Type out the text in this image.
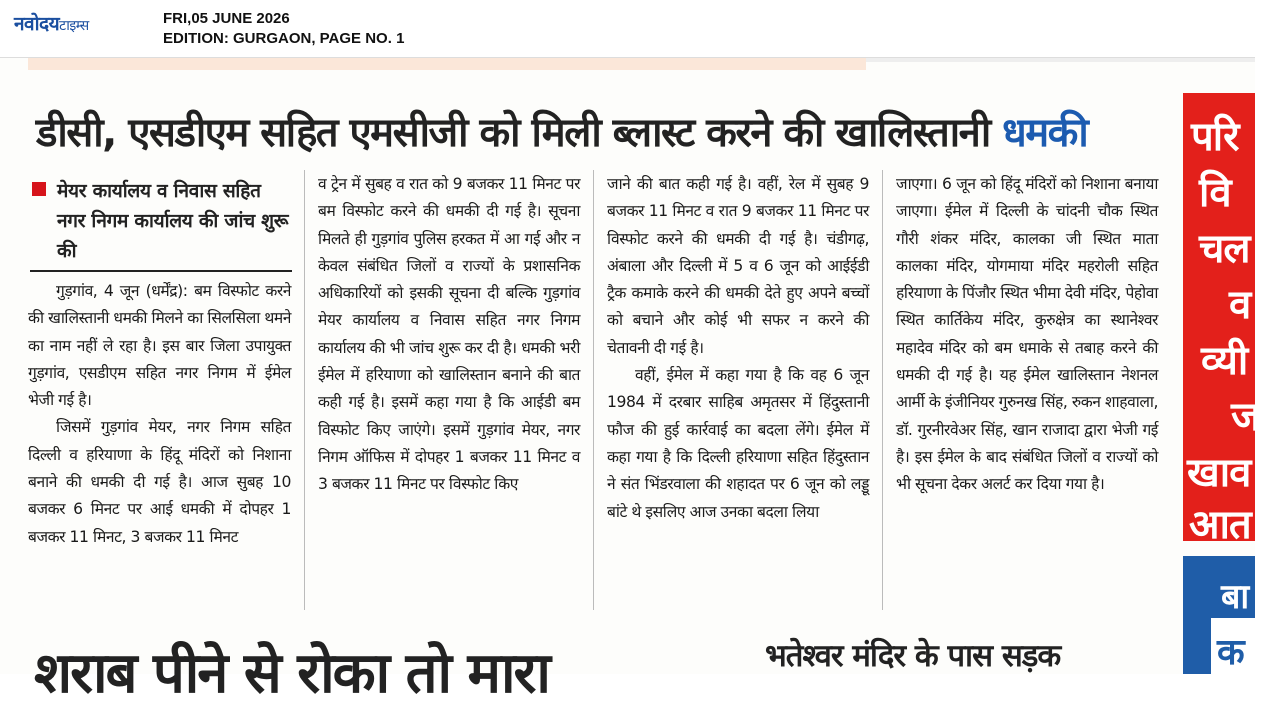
नवोदयटाइम्स	FRI,05 JUNE 2026
EDITION: GURGAON, PAGE NO. 1
डीसी, एसडीएम सहित एमसीजी को मिली ब्लास्ट करने की खालिस्तानी धमकी
मेयर कार्यालय व निवास सहित नगर निगम कार्यालय की जांच शुरू की

गुड़गांव, 4 जून (धर्मेंद्र): बम विस्फोट करने की खालिस्तानी धमकी मिलने का सिलसिला थमने का नाम नहीं ले रहा है। इस बार जिला उपायुक्त गुड़गांव, एसडीएम सहित नगर निगम में ईमेल भेजी गई है।

जिसमें गुड़गांव मेयर, नगर निगम सहित दिल्ली व हरियाणा के हिंदू मंदिरों को निशाना बनाने की धमकी दी गई है। आज सुबह 10 बजकर 6 मिनट पर आई धमकी में दोपहर 1 बजकर 11 मिनट, 3 बजकर 11 मिनट

व ट्रेन में सुबह व रात को 9 बजकर 11 मिनट पर बम विस्फोट करने की धमकी दी गई है। सूचना मिलते ही गुड़गांव पुलिस हरकत में आ गई और न केवल संबंधित जिलों व राज्यों के प्रशासनिक अधिकारियों को इसकी सूचना दी बल्कि गुड़गांव मेयर कार्यालय व निवास सहित नगर निगम कार्यालय की भी जांच शुरू कर दी है। धमकी भरी ईमेल में हरियाणा को खालिस्तान बनाने की बात कही गई है। इसमें कहा गया है कि आईडी बम विस्फोट किए जाएंगे। इसमें गुड़गांव मेयर, नगर निगम ऑफिस में दोपहर 1 बजकर 11 मिनट व 3 बजकर 11 मिनट पर विस्फोट किए

जाने की बात कही गई है। वहीं, रेल में सुबह 9 बजकर 11 मिनट व रात 9 बजकर 11 मिनट पर विस्फोट करने की धमकी दी गई है। चंडीगढ़, अंबाला और दिल्ली में 5 व 6 जून को आईईडी ट्रैक कमाके करने की धमकी देते हुए अपने बच्चों को बचाने और कोई भी सफर न करने की चेतावनी दी गई है।

वहीं, ईमेल में कहा गया है कि वह 6 जून 1984 में दरबार साहिब अमृतसर में हिंदुस्तानी फौज की हुई कार्रवाई का बदला लेंगे। ईमेल में कहा गया है कि दिल्ली हरियाणा सहित हिंदुस्तान ने संत भिंडरवाला की शहादत पर 6 जून को लड्डू बांटे थे इसलिए आज उनका बदला लिया

जाएगा। 6 जून को हिंदू मंदिरों को निशाना बनाया जाएगा। ईमेल में दिल्ली के चांदनी चौक स्थित गौरी शंकर मंदिर, कालका जी स्थित माता कालका मंदिर, योगमाया मंदिर महरोली सहित हरियाणा के पिंजौर स्थित भीमा देवी मंदिर, पेहोवा स्थित कार्तिकेय मंदिर, कुरुक्षेत्र का स्थानेश्वर महादेव मंदिर को बम धमाके से तबाह करने की धमकी दी गई है। यह ईमेल खालिस्तान नेशनल आर्मी के इंजीनियर गुरुनख सिंह, रुकन शाहवाला, डॉ. गुरनीरवेअर सिंह, खान राजादा द्वारा भेजी गई है। इस ईमेल के बाद संबंधित जिलों व राज्यों को भी सूचना देकर अलर्ट कर दिया गया है।

शराब पीने से रोका तो मारा	भतेश्वर मंदिर के पास सड़क
परि
वि
चल
व
व्यी
ज
खाव
आत
बा
क
